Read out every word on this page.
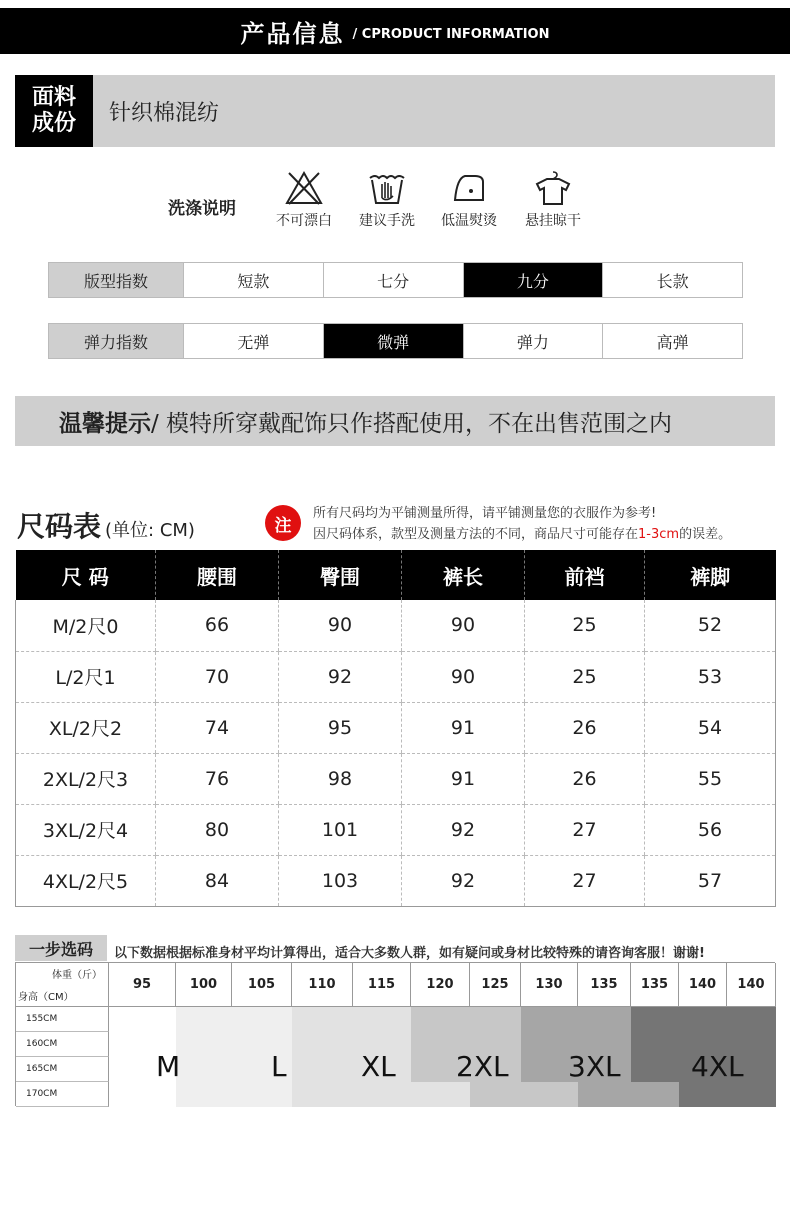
产品信息 / CPRODUCT INFORMATION
面料成份	针织棉混纺
洗涤说明
不可漂白	建议手洗	低温熨烫	悬挂晾干
版型指数	短款	七分	九分	长款
弹力指数	无弹	微弹	弹力	高弹
温馨提示 / 模特所穿戴配饰只作搭配使用，不在出售范围之内
尺码表 (单位: CM)	注
所有尺码均为平铺测量所得，请平铺测量您的衣服作为参考!
因尺码体系，款型及测量方法的不同，商品尺寸可能存在1-3cm的误差。
尺 码	腰围	臀围	裤长	前裆	裤脚
M/2尺0	66	90	90	25	52
L/2尺1	70	92	90	25	53
XL/2尺2	74	95	91	26	54
2XL/2尺3	76	98	91	26	55
3XL/2尺4	80	101	92	27	56
4XL/2尺5	84	103	92	27	57
一步选码	以下数据根据标准身材平均计算得出，适合大多数人群，如有疑问或身材比较特殊的请咨询客服！谢谢!
体重（斤）
身高（CM）
95	100	105	110	115	120	125	130	135	135	140	140
155CM
160CM
165CM
170CM
M	L	XL 2XL 3XL	4XL
